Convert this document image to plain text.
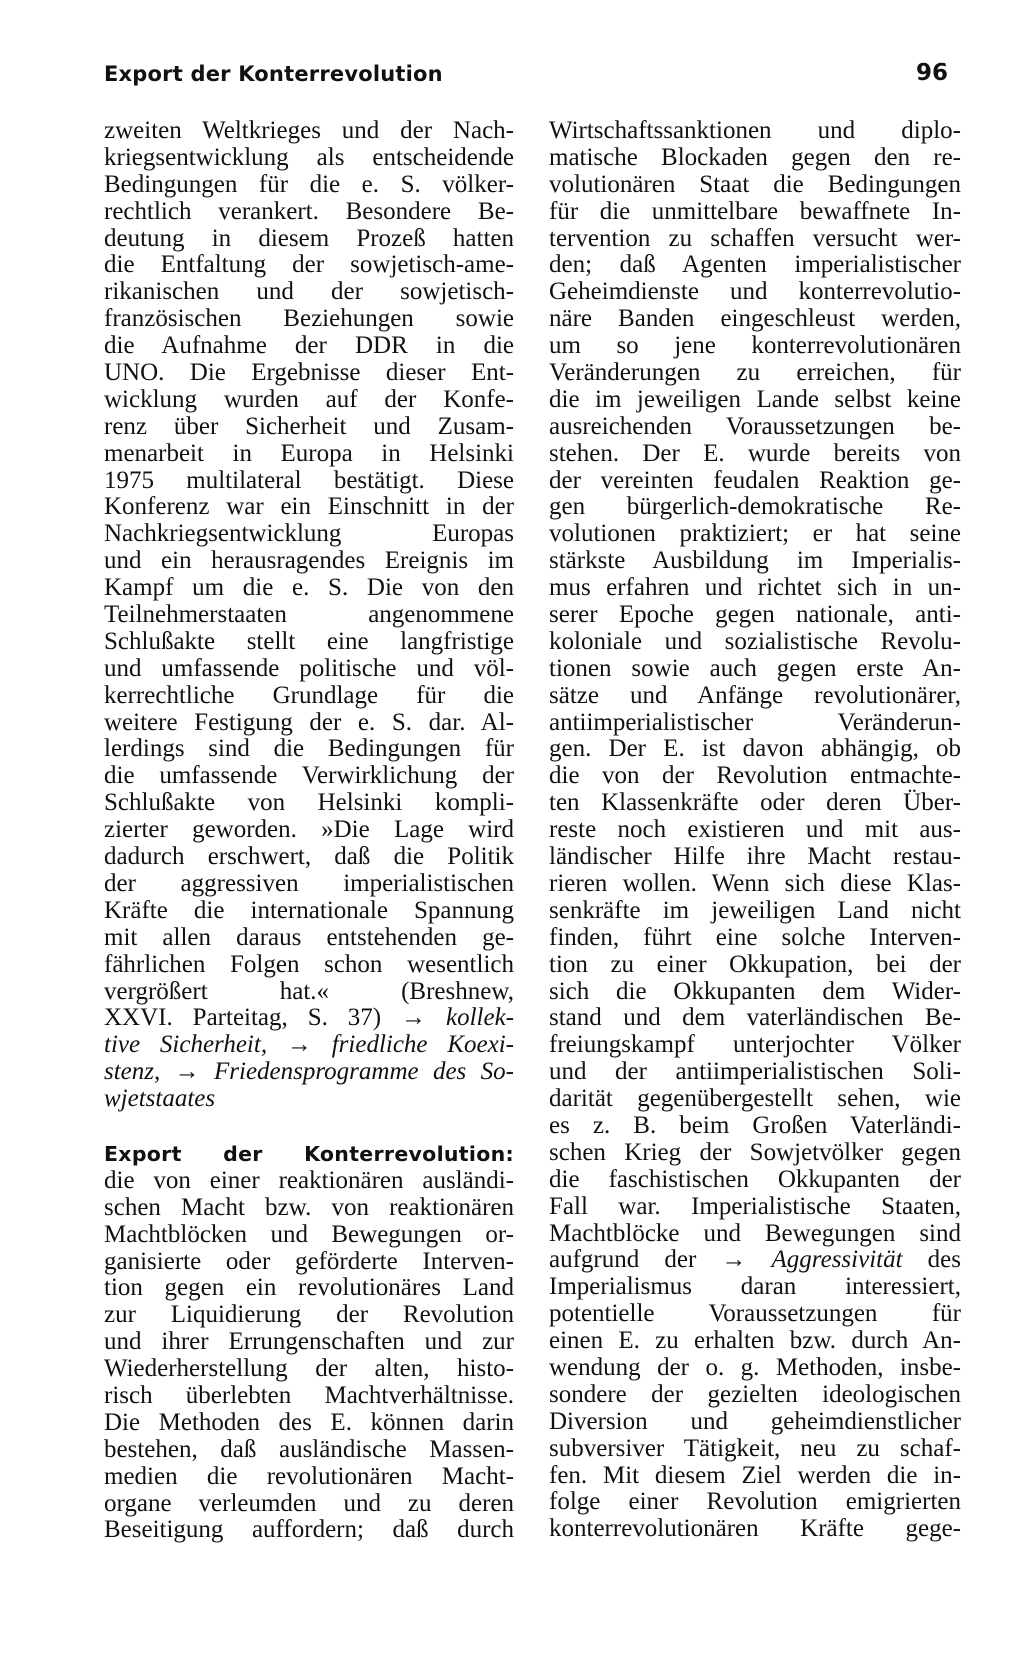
Export der Konterrevolution	96
zweiten Weltkrieges und der Nach-
kriegsentwicklung als entscheidende
Bedingungen für die e. S. völker-
rechtlich verankert. Besondere Be-
deutung in diesem Prozeß hatten
die Entfaltung der sowjetisch-ame-
rikanischen und der sowjetisch-
französischen Beziehungen sowie
die Aufnahme der DDR in die
UNO. Die Ergebnisse dieser Ent-
wicklung wurden auf der Konfe-
renz über Sicherheit und Zusam-
menarbeit in Europa in Helsinki
1975 multilateral bestätigt. Diese
Konferenz war ein Einschnitt in der
Nachkriegsentwicklung Europas
und ein herausragendes Ereignis im
Kampf um die e. S. Die von den
Teilnehmerstaaten angenommene
Schlußakte stellt eine langfristige
und umfassende politische und völ-
kerrechtliche Grundlage für die
weitere Festigung der e. S. dar. Al-
lerdings sind die Bedingungen für
die umfassende Verwirklichung der
Schlußakte von Helsinki kompli-
zierter geworden. »Die Lage wird
dadurch erschwert, daß die Politik
der aggressiven imperialistischen
Kräfte die internationale Spannung
mit allen daraus entstehenden ge-
fährlichen Folgen schon wesentlich
vergrößert hat.« (Breshnew,
XXVI. Parteitag, S. 37) → kollek-
tive Sicherheit, → friedliche Koexi-
stenz, → Friedensprogramme des So-
wjetstaates
Export der Konterrevolution:
die von einer reaktionären ausländi-
schen Macht bzw. von reaktionären
Machtblöcken und Bewegungen or-
ganisierte oder geförderte Interven-
tion gegen ein revolutionäres Land
zur Liquidierung der Revolution
und ihrer Errungenschaften und zur
Wiederherstellung der alten, histo-
risch überlebten Machtverhältnisse.
Die Methoden des E. können darin
bestehen, daß ausländische Massen-
medien die revolutionären Macht-
organe verleumden und zu deren
Beseitigung auffordern; daß durch
Wirtschaftssanktionen und diplo-
matische Blockaden gegen den re-
volutionären Staat die Bedingungen
für die unmittelbare bewaffnete In-
tervention zu schaffen versucht wer-
den; daß Agenten imperialistischer
Geheimdienste und konterrevolutio-
näre Banden eingeschleust werden,
um so jene konterrevolutionären
Veränderungen zu erreichen, für
die im jeweiligen Lande selbst keine
ausreichenden Voraussetzungen be-
stehen. Der E. wurde bereits von
der vereinten feudalen Reaktion ge-
gen bürgerlich-demokratische Re-
volutionen praktiziert; er hat seine
stärkste Ausbildung im Imperialis-
mus erfahren und richtet sich in un-
serer Epoche gegen nationale, anti-
koloniale und sozialistische Revolu-
tionen sowie auch gegen erste An-
sätze und Anfänge revolutionärer,
antiimperialistischer Veränderun-
gen. Der E. ist davon abhängig, ob
die von der Revolution entmachte-
ten Klassenkräfte oder deren Über-
reste noch existieren und mit aus-
ländischer Hilfe ihre Macht restau-
rieren wollen. Wenn sich diese Klas-
senkräfte im jeweiligen Land nicht
finden, führt eine solche Interven-
tion zu einer Okkupation, bei der
sich die Okkupanten dem Wider-
stand und dem vaterländischen Be-
freiungskampf unterjochter Völker
und der antiimperialistischen Soli-
darität gegenübergestellt sehen, wie
es z. B. beim Großen Vaterländi-
schen Krieg der Sowjetvölker gegen
die faschistischen Okkupanten der
Fall war. Imperialistische Staaten,
Machtblöcke und Bewegungen sind
aufgrund der → Aggressivität des
Imperialismus daran interessiert,
potentielle Voraussetzungen für
einen E. zu erhalten bzw. durch An-
wendung der o. g. Methoden, insbe-
sondere der gezielten ideologischen
Diversion und geheimdienstlicher
subversiver Tätigkeit, neu zu schaf-
fen. Mit diesem Ziel werden die in-
folge einer Revolution emigrierten
konterrevolutionären Kräfte gege-
